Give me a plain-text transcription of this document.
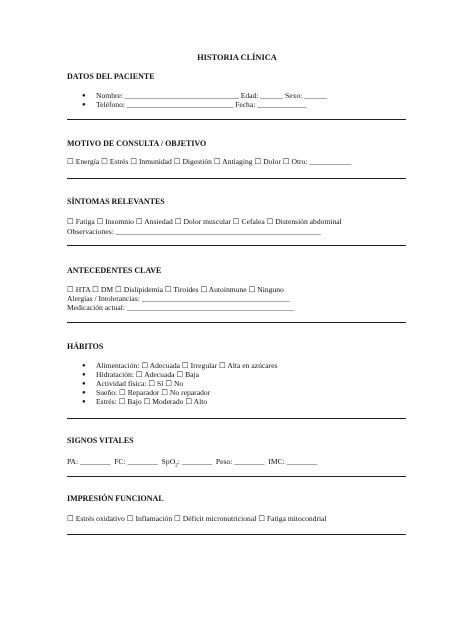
HISTORIA CLÍNICA
DATOS DEL PACIENTE
● Nombre: ______________________________ Edad: ______ Sexo: ______
● Teléfono: ____________________________ Fecha: _____________
MOTIVO DE CONSULTA / OBJETIVO
☐ Energía ☐ Estrés ☐ Inmunidad ☐ Digestión ☐ Antiaging ☐ Dolor ☐ Otro: ___________
SÍNTOMAS RELEVANTES
☐ Fatiga ☐ Insomnio ☐ Ansiedad ☐ Dolor muscular ☐ Cefalea ☐ Distensión abdominal
Observaciones: ______________________________________________________
ANTECEDENTES CLAVE
☐ HTA ☐ DM ☐ Dislipidemia ☐ Tiroides ☐ Autoinmune ☐ Ninguno
Alergias / Intolerancias: _______________________________________
Medicación actual: ____________________________________________
HÁBITOS
● Alimentación: ☐ Adecuada ☐ Irregular ☐ Alta en azúcares
● Hidratación: ☐ Adecuada ☐ Baja
● Actividad física: ☐ Sí ☐ No
● Sueño: ☐ Reparador ☐ No reparador
● Estrés: ☐ Bajo ☐ Moderado ☐ Alto
SIGNOS VITALES
PA: ________ FC: ________ SpO$_2$: ________ Peso: ________ IMC: ________
IMPRESIÓN FUNCIONAL
☐ Estrés oxidativo ☐ Inflamación ☐ Déficit micronutricional ☐ Fatiga mitocondrial
